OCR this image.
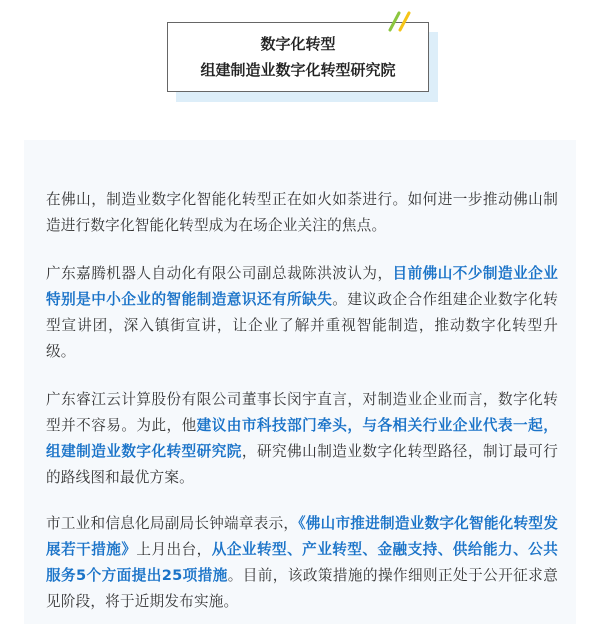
数字化转型
组建制造业数字化转型研究院

在佛山，制造业数字化智能化转型正在如火如荼进行。如何进一步推动佛山制造进行数字化智能化转型成为在场企业关注的焦点。

广东嘉腾机器人自动化有限公司副总裁陈洪波认为，目前佛山不少制造业企业特别是中小企业的智能制造意识还有所缺失。建议政企合作组建企业数字化转型宣讲团，深入镇街宣讲，让企业了解并重视智能制造，推动数字化转型升级。

广东睿江云计算股份有限公司董事长闵宇直言，对制造业企业而言，数字化转型并不容易。为此，他建议由市科技部门牵头，与各相关行业企业代表一起，组建制造业数字化转型研究院，研究佛山制造业数字化转型路径，制订最可行的路线图和最优方案。

市工业和信息化局副局长钟端章表示，《佛山市推进制造业数字化智能化转型发展若干措施》上月出台，从企业转型、产业转型、金融支持、供给能力、公共服务5个方面提出25项措施。目前，该政策措施的操作细则正处于公开征求意见阶段，将于近期发布实施。
